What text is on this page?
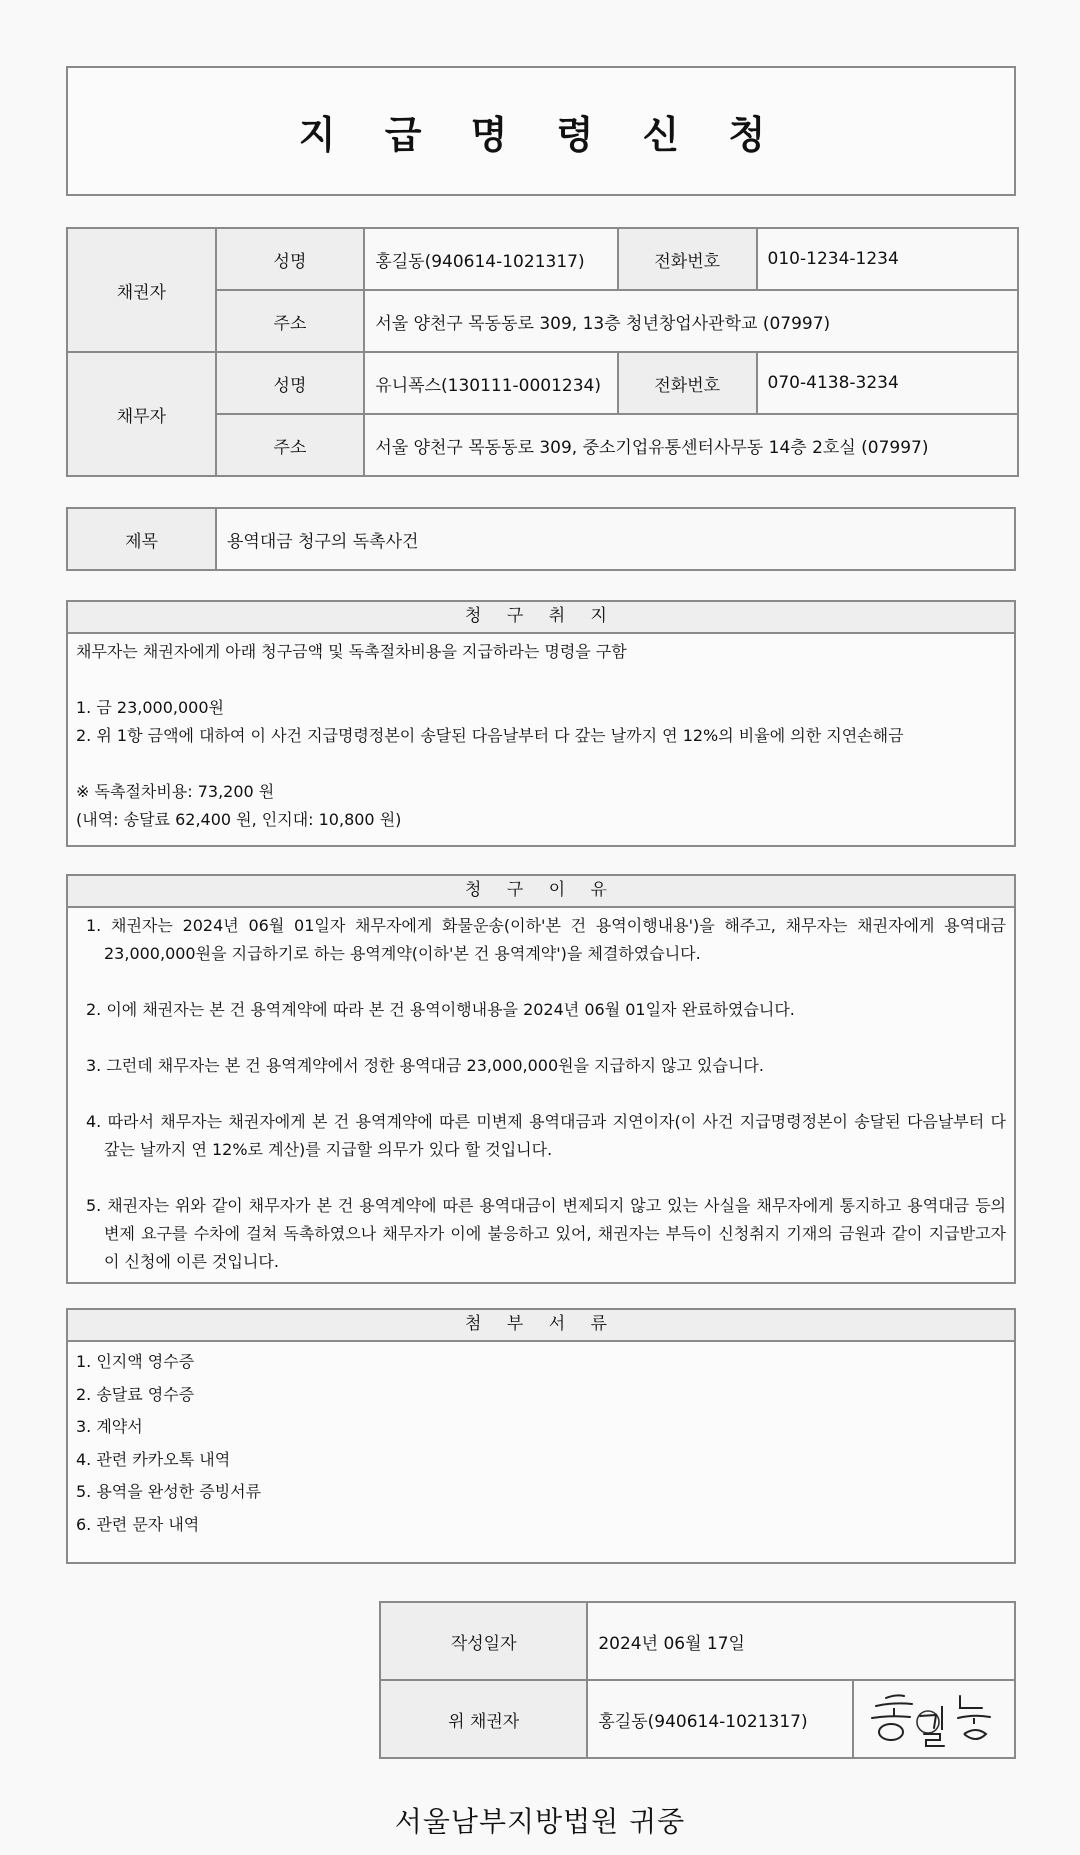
지 급 명 령 신 청
채권자	성명	홍길동(940614-1021317)	전화번호	010-1234-1234
	주소	서울 양천구 목동동로 309, 13층 청년창업사관학교 (07997)		
채무자	성명	유니폭스(130111-0001234)	전화번호	070-4138-3234
	주소	서울 양천구 목동동로 309, 중소기업유통센터사무동 14층 2호실 (07997)		
제목	용역대금 청구의 독촉사건
청 구 취 지

채무자는 채권자에게 아래 청구금액 및 독촉절차비용을 지급하라는 명령을 구함

1. 금 23,000,000원

2. 위 1항 금액에 대하여 이 사건 지급명령정본이 송달된 다음날부터 다 갚는 날까지 연 12%의 비율에 의한 지연손해금

※ 독촉절차비용: 73,200 원

(내역: 송달료 62,400 원, 인지대: 10,800 원)

청 구 이 유

1. 채권자는 2024년 06월 01일자 채무자에게 화물운송(이하'본 건 용역이행내용')을 해주고, 채무자는 채권자에게 용역대금 23,000,000원을 지급하기로 하는 용역계약(이하'본 건 용역계약')을 체결하였습니다.

2. 이에 채권자는 본 건 용역계약에 따라 본 건 용역이행내용을 2024년 06월 01일자 완료하였습니다.

3. 그런데 채무자는 본 건 용역계약에서 정한 용역대금 23,000,000원을 지급하지 않고 있습니다.

4. 따라서 채무자는 채권자에게 본 건 용역계약에 따른 미변제 용역대금과 지연이자(이 사건 지급명령정본이 송달된 다음날부터 다 갚는 날까지 연 12%로 계산)를 지급할 의무가 있다 할 것입니다.

5. 채권자는 위와 같이 채무자가 본 건 용역계약에 따른 용역대금이 변제되지 않고 있는 사실을 채무자에게 통지하고 용역대금 등의 변제 요구를 수차에 걸쳐 독촉하였으나 채무자가 이에 불응하고 있어, 채권자는 부득이 신청취지 기재의 금원과 같이 지급받고자 이 신청에 이른 것입니다.

첨 부 서 류

1. 인지액 영수증

2. 송달료 영수증

3. 계약서

4. 관련 카카오톡 내역

5. 용역을 완성한 증빙서류

6. 관련 문자 내역

작성일자	2024년 06월 17일	
위 채권자	홍길동(940614-1021317)	
서울남부지방법원 귀중
